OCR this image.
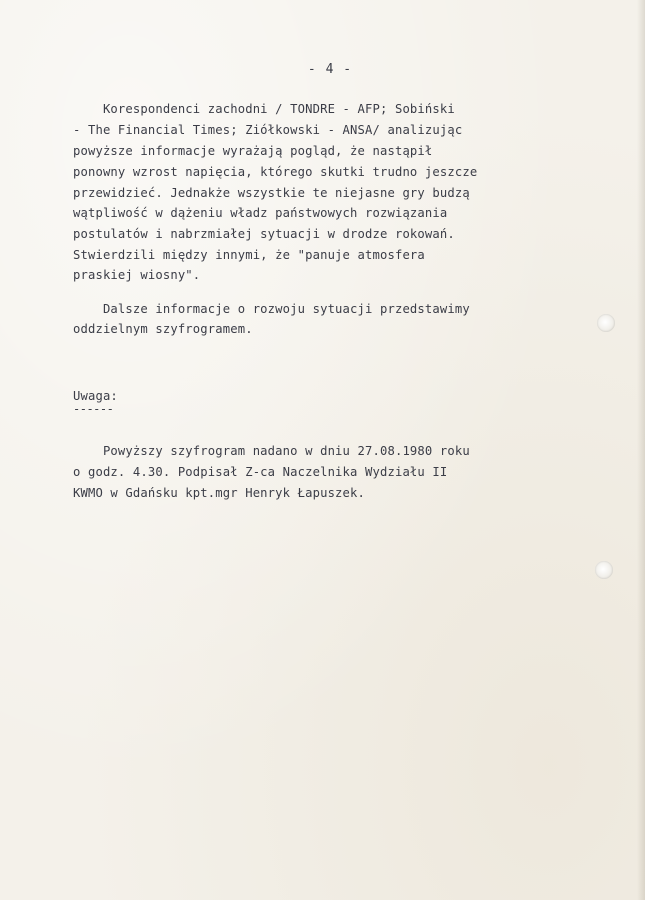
- 4 -
Korespondenci zachodni / TONDRE - AFP; Sobiński
- The Financial Times; Ziółkowski - ANSA/ analizując
powyższe informacje wyrażają pogląd, że nastąpił
ponowny wzrost napięcia, którego skutki trudno jeszcze
przewidzieć. Jednakże wszystkie te niejasne gry budzą
wątpliwość w dążeniu władz państwowych rozwiązania
postulatów i nabrzmiałej sytuacji w drodze rokowań.
Stwierdzili między innymi, że "panuje atmosfera
praskiej wiosny".
Dalsze informacje o rozwoju sytuacji przedstawimy
oddzielnym szyfrogramem.
Uwaga:
------
Powyższy szyfrogram nadano w dniu 27.08.1980 roku
o godz. 4.30. Podpisał Z-ca Naczelnika Wydziału II
KWMO w Gdańsku kpt.mgr Henryk Łapuszek.
